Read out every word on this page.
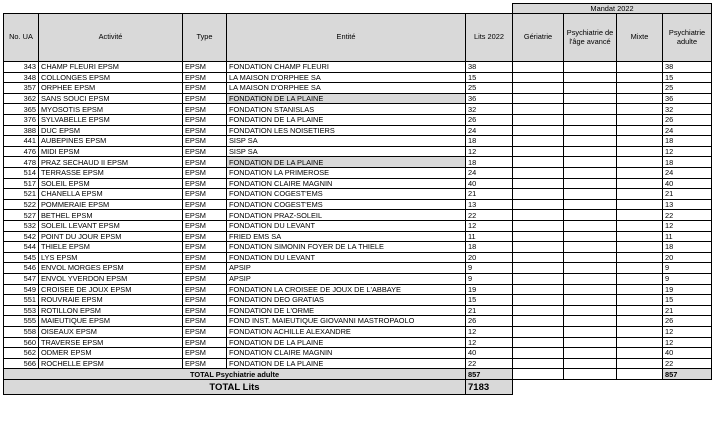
					Mandat 2022			
No. UA	Activité	Type	Entité	Lits 2022	Gériatrie	Psychiatrie de l'âge avancé	Mixte	Psychiatrie adulte
343	CHAMP FLEURI EPSM	EPSM	FONDATION CHAMP FLEURI	38				38
348	COLLONGES EPSM	EPSM	LA MAISON D'ORPHEE SA	15				15
357	ORPHEE EPSM	EPSM	LA MAISON D'ORPHEE SA	25				25
362	SANS SOUCI EPSM	EPSM	FONDATION DE LA PLAINE	36				36
365	MYOSOTIS EPSM	EPSM	FONDATION STANISLAS	32				32
376	SYLVABELLE EPSM	EPSM	FONDATION DE LA PLAINE	26				26
388	DUC EPSM	EPSM	FONDATION LES NOISETIERS	24				24
441	AUBEPINES EPSM	EPSM	SISP SA	18				18
476	MIDI EPSM	EPSM	SISP SA	12				12
478	PRAZ SECHAUD II EPSM	EPSM	FONDATION DE LA PLAINE	18				18
514	TERRASSE EPSM	EPSM	FONDATION LA PRIMEROSE	24				24
517	SOLEIL EPSM	EPSM	FONDATION CLAIRE MAGNIN	40				40
521	CHANELLA EPSM	EPSM	FONDATION COGEST'EMS	21				21
522	POMMERAIE EPSM	EPSM	FONDATION COGEST'EMS	13				13
527	BETHEL EPSM	EPSM	FONDATION PRAZ-SOLEIL	22				22
532	SOLEIL LEVANT EPSM	EPSM	FONDATION DU LEVANT	12				12
542	POINT DU JOUR EPSM	EPSM	FRIED EMS SA	11				11
544	THIELE EPSM	EPSM	FONDATION SIMONIN FOYER DE LA THIELE	18				18
545	LYS EPSM	EPSM	FONDATION DU LEVANT	20				20
546	ENVOL MORGES EPSM	EPSM	APSIP	9				9
547	ENVOL YVERDON EPSM	EPSM	APSIP	9				9
549	CROISEE DE JOUX EPSM	EPSM	FONDATION LA CROISEE DE JOUX DE L'ABBAYE	19				19
551	ROUVRAIE EPSM	EPSM	FONDATION DEO GRATIAS	15				15
553	ROTILLON EPSM	EPSM	FONDATION DE L'ORME	21				21
555	MAIEUTIQUE EPSM	EPSM	FOND INST. MAIEUTIQUE GIOVANNI MASTROPAOLO	26				26
558	OISEAUX EPSM	EPSM	FONDATION ACHILLE ALEXANDRE	12				12
560	TRAVERSE EPSM	EPSM	FONDATION DE LA PLAINE	12				12
562	ODMER EPSM	EPSM	FONDATION CLAIRE MAGNIN	40				40
566	ROCHELLE EPSM	EPSM	FONDATION DE LA PLAINE	22				22
TOTAL Psychiatrie adulte				857				857
TOTAL Lits				7183				
